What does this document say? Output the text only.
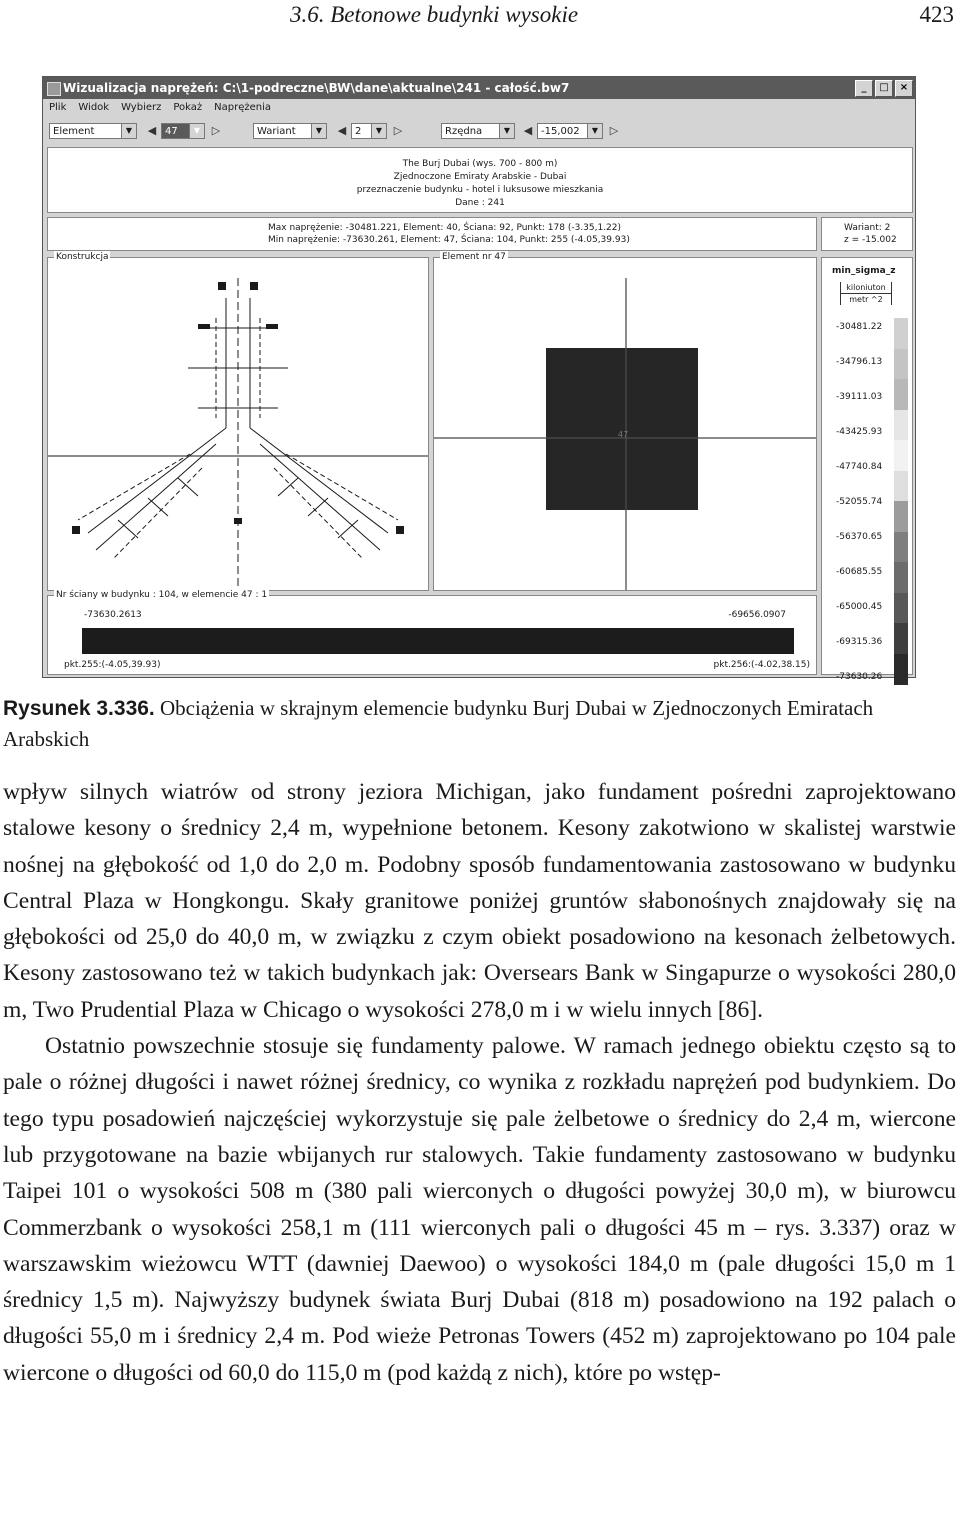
3.6. Betonowe budynki wysokie	423
Wizualizacja naprężeń: C:\1-podreczne\BW\dane\aktualne\241 - całość.bw7	_	□	×
Plik Widok Wybierz Pokaż Naprężenia
Element	▼	◀ 47	▼	▷	Wariant	▼	◀ 2	▼	▷	Rzędna	▼	◀ -15,002	▼	▷
The Burj Dubai (wys. 700 - 800 m)
Zjednoczone Emiraty Arabskie - Dubai
przeznaczenie budynku - hotel i luksusowe mieszkania
Dane : 241
Max naprężenie: -30481.221, Element: 40, Ściana: 92, Punkt: 178 (-3.35,1.22)
Min naprężenie: -73630.261, Element: 47, Ściana: 104, Punkt: 255 (-4.05,39.93)
Wariant: 2
z = -15.002
Konstrukcja	Element nr 47
47
min_sigma_z
kiloniuton
metr ^2
-30481.22
-34796.13
-39111.03
-43425.93
-47740.84
-52055.74
-56370.65
-60685.55
-65000.45
-69315.36
-73630.26
Nr ściany w budynku : 104, w elemencie 47 : 1
-73630.2613	-69656.0907
pkt.255:(-4.05,39.93)	pkt.256:(-4.02,38.15)
Rysunek 3.336. Obciążenia w skrajnym elemencie budynku Burj Dubai w Zjednoczonych Emiratach Arabskich

wpływ silnych wiatrów od strony jeziora Michigan, jako fundament pośredni zaprojektowano stalowe kesony o średnicy 2,4 m, wypełnione betonem. Kesony zakotwiono w skalistej warstwie nośnej na głębokość od 1,0 do 2,0 m. Podobny sposób fundamentowania zastosowano w budynku Central Plaza w Hongkongu. Skały granitowe poniżej gruntów słabonośnych znajdowały się na głębokości od 25,0 do 40,0 m, w związku z czym obiekt posadowiono na kesonach żelbetowych. Kesony zastosowano też w takich budynkach jak: Oversears Bank w Singapurze o wysokości 280,0 m, Two Prudential Plaza w Chicago o wysokości 278,0 m i w wielu innych [86].

Ostatnio powszechnie stosuje się fundamenty palowe. W ramach jednego obiektu często są to pale o różnej długości i nawet różnej średnicy, co wynika z rozkładu naprężeń pod budynkiem. Do tego typu posadowień najczęściej wykorzystuje się pale żelbetowe o średnicy do 2,4 m, wiercone lub przygotowane na bazie wbijanych rur stalowych. Takie fundamenty zastosowano w budynku Taipei 101 o wysokości 508 m (380 pali wierconych o długości powyżej 30,0 m), w biurowcu Commerzbank o wysokości 258,1 m (111 wierconych pali o długości 45 m – rys. 3.337) oraz w warszawskim wieżowcu WTT (dawniej Daewoo) o wysokości 184,0 m (pale długości 15,0 m 1 średnicy 1,5 m). Najwyższy budynek świata Burj Dubai (818 m) posadowiono na 192 palach o długości 55,0 m i średnicy 2,4 m. Pod wieże Petronas Towers (452 m) zaprojektowano po 104 pale wiercone o długości od 60,0 do 115,0 m (pod każdą z nich), które po wstęp-
